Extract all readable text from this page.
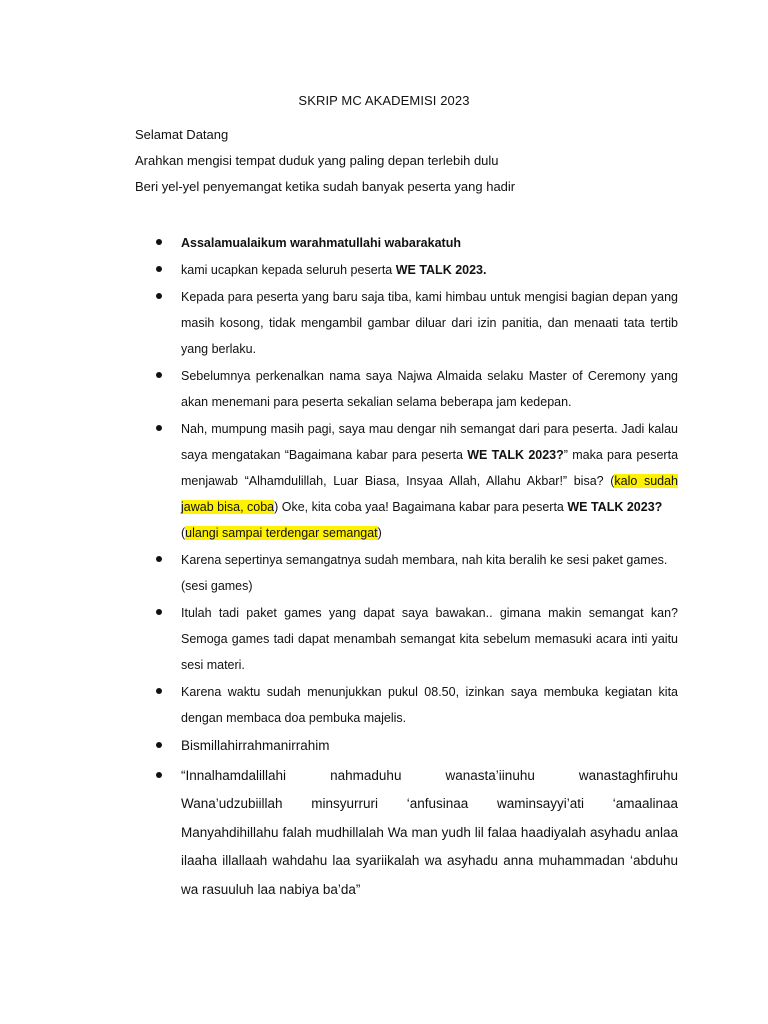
SKRIP MC AKADEMISI 2023

Selamat Datang

Arahkan mengisi tempat duduk yang paling depan terlebih dulu

Beri yel-yel penyemangat ketika sudah banyak peserta yang hadir

Assalamualaikum warahmatullahi wabarakatuh
kami ucapkan kepada seluruh peserta WE TALK 2023.
Kepada para peserta yang baru saja tiba, kami himbau untuk mengisi bagian depan yang masih kosong, tidak mengambil gambar diluar dari izin panitia, dan menaati tata tertib yang berlaku.
Sebelumnya perkenalkan nama saya Najwa Almaida selaku Master of Ceremony yang akan menemani para peserta sekalian selama beberapa jam kedepan.
Nah, mumpung masih pagi, saya mau dengar nih semangat dari para peserta. Jadi kalau saya mengatakan “Bagaimana kabar para peserta WE TALK 2023?” maka para peserta menjawab “Alhamdulillah, Luar Biasa, Insyaa Allah, Allahu Akbar!” bisa? (kalo sudah jawab bisa, coba) Oke, kita coba yaa! Bagaimana kabar para peserta WE TALK 2023?
(ulangi sampai terdengar semangat)
Karena sepertinya semangatnya sudah membara, nah kita beralih ke sesi paket games.
(sesi games)
Itulah tadi paket games yang dapat saya bawakan.. gimana makin semangat kan? Semoga games tadi dapat menambah semangat kita sebelum memasuki acara inti yaitu sesi materi.
Karena waktu sudah menunjukkan pukul 08.50, izinkan saya membuka kegiatan kita dengan membaca doa pembuka majelis.
Bismillahirrahmanirrahim
“Innalhamdalillahi nahmaduhu wanasta’iinuhu wanastaghfiruhu
Wana’udzubiillah minsyurruri ‘anfusinaa waminsayyi’ati ‘amaalinaa
Manyahdihillahu falah mudhillalah Wa man yudh lil falaa haadiyalah asyhadu anlaa ilaaha illallaah wahdahu laa syariikalah wa asyhadu anna muhammadan ‘abduhu wa rasuuluh laa nabiya ba’da”
